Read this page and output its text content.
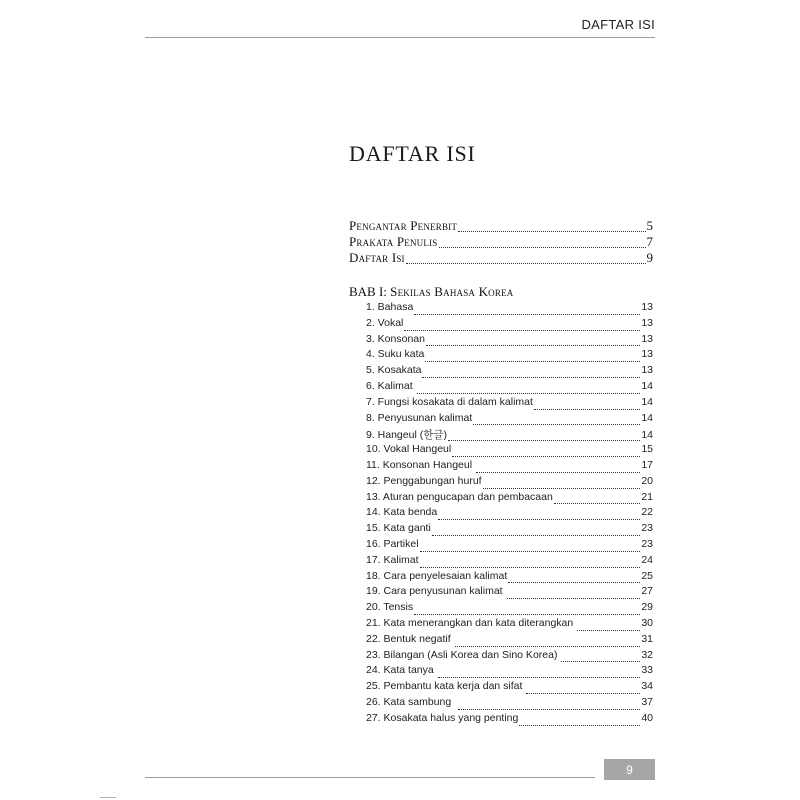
DAFTAR ISI
DAFTAR ISI
Pengantar Penerbit	5
Prakata Penulis	7
Daftar Isi	9
BAB I: Sekilas Bahasa Korea
1. Bahasa	13
2. Vokal	13
3. Konsonan	13
4. Suku kata	13
5. Kosakata	13
6. Kalimat	14
7. Fungsi kosakata di dalam kalimat	14
8. Penyusunan kalimat	14
9. Hangeul (한글)	14
10. Vokal Hangeul	15
11. Konsonan Hangeul	17
12. Penggabungan huruf	20
13. Aturan pengucapan dan pembacaan	21
14. Kata benda	22
15. Kata ganti	23
16. Partikel	23
17. Kalimat	24
18. Cara penyelesaian kalimat	25
19. Cara penyusunan kalimat	27
20. Tensis	29
21. Kata menerangkan dan kata diterangkan	30
22. Bentuk negatif	31
23. Bilangan (Asli Korea dan Sino Korea)	32
24. Kata tanya	33
25. Pembantu kata kerja dan sifat	34
26. Kata sambung	37
27. Kosakata halus yang penting	40
9
